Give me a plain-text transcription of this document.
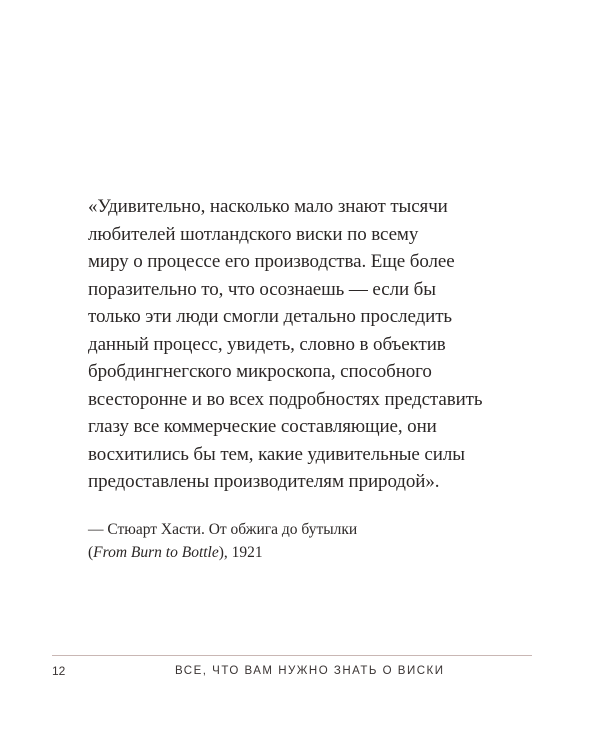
«Удивительно, насколько мало знают тысячи
любителей шотландского виски по всему
миру о процессе его производства. Еще более
поразительно то, что осознаешь — если бы
только эти люди смогли детально проследить
данный процесс, увидеть, словно в объектив
бробдингнегского микроскопа, способного
всесторонне и во всех подробностях представить
глазу все коммерческие составляющие, они
восхитились бы тем, какие удивительные силы
предоставлены производителям природой».

— Стюарт Хасти. От обжига до бутылки
(From Burn to Bottle), 1921
12	ВСЕ, ЧТО ВАМ НУЖНО ЗНАТЬ О ВИСКИ
